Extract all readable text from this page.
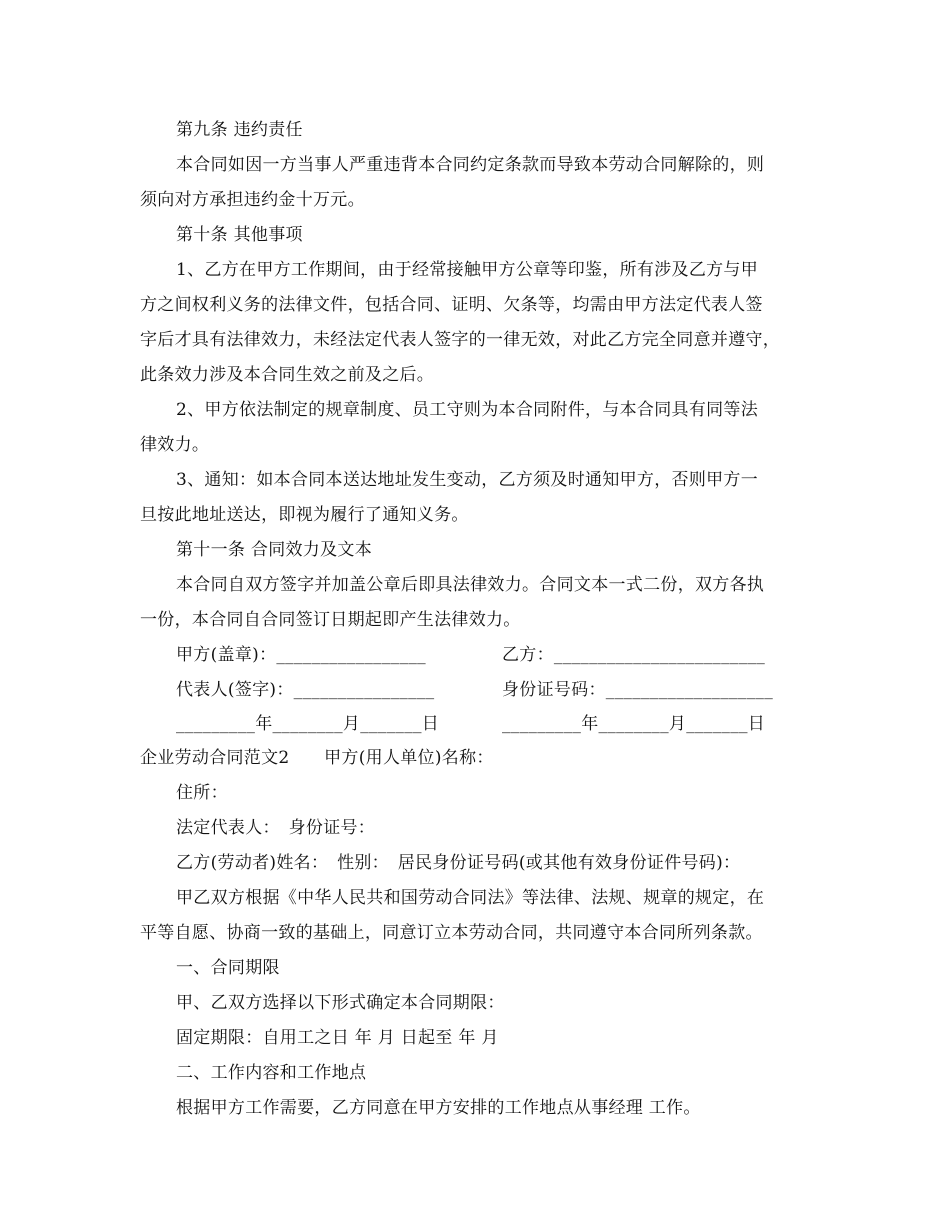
第九条 违约责任
本合同如因一方当事人严重违背本合同约定条款而导致本劳动合同解除的，则
须向对方承担违约金十万元。
第十条 其他事项
1、乙方在甲方工作期间，由于经常接触甲方公章等印鉴，所有涉及乙方与甲
方之间权利义务的法律文件，包括合同、证明、欠条等，均需由甲方法定代表人签
字后才具有法律效力，未经法定代表人签字的一律无效，对此乙方完全同意并遵守，
此条效力涉及本合同生效之前及之后。
2、甲方依法制定的规章制度、员工守则为本合同附件，与本合同具有同等法
律效力。
3、通知：如本合同本送达地址发生变动，乙方须及时通知甲方，否则甲方一
旦按此地址送达，即视为履行了通知义务。
第十一条 合同效力及文本
本合同自双方签字并加盖公章后即具法律效力。合同文本一式二份，双方各执
一份，本合同自合同签订日期起即产生法律效力。
甲方(盖章)：_________________	乙方：________________________
代表人(签字)：________________	身份证号码：___________________
_________年________月_______日	_________年________月_______日
企业劳动合同范文2　　甲方(用人单位)名称：
住所：
法定代表人：　身份证号：
乙方(劳动者)姓名：　性别：　居民身份证号码(或其他有效身份证件号码)：
甲乙双方根据《中华人民共和国劳动合同法》等法律、法规、规章的规定，在
平等自愿、协商一致的基础上，同意订立本劳动合同，共同遵守本合同所列条款。
一、合同期限
甲、乙双方选择以下形式确定本合同期限：
固定期限：自用工之日 年 月 日起至 年 月
二、工作内容和工作地点
根据甲方工作需要，乙方同意在甲方安排的工作地点从事经理 工作。
